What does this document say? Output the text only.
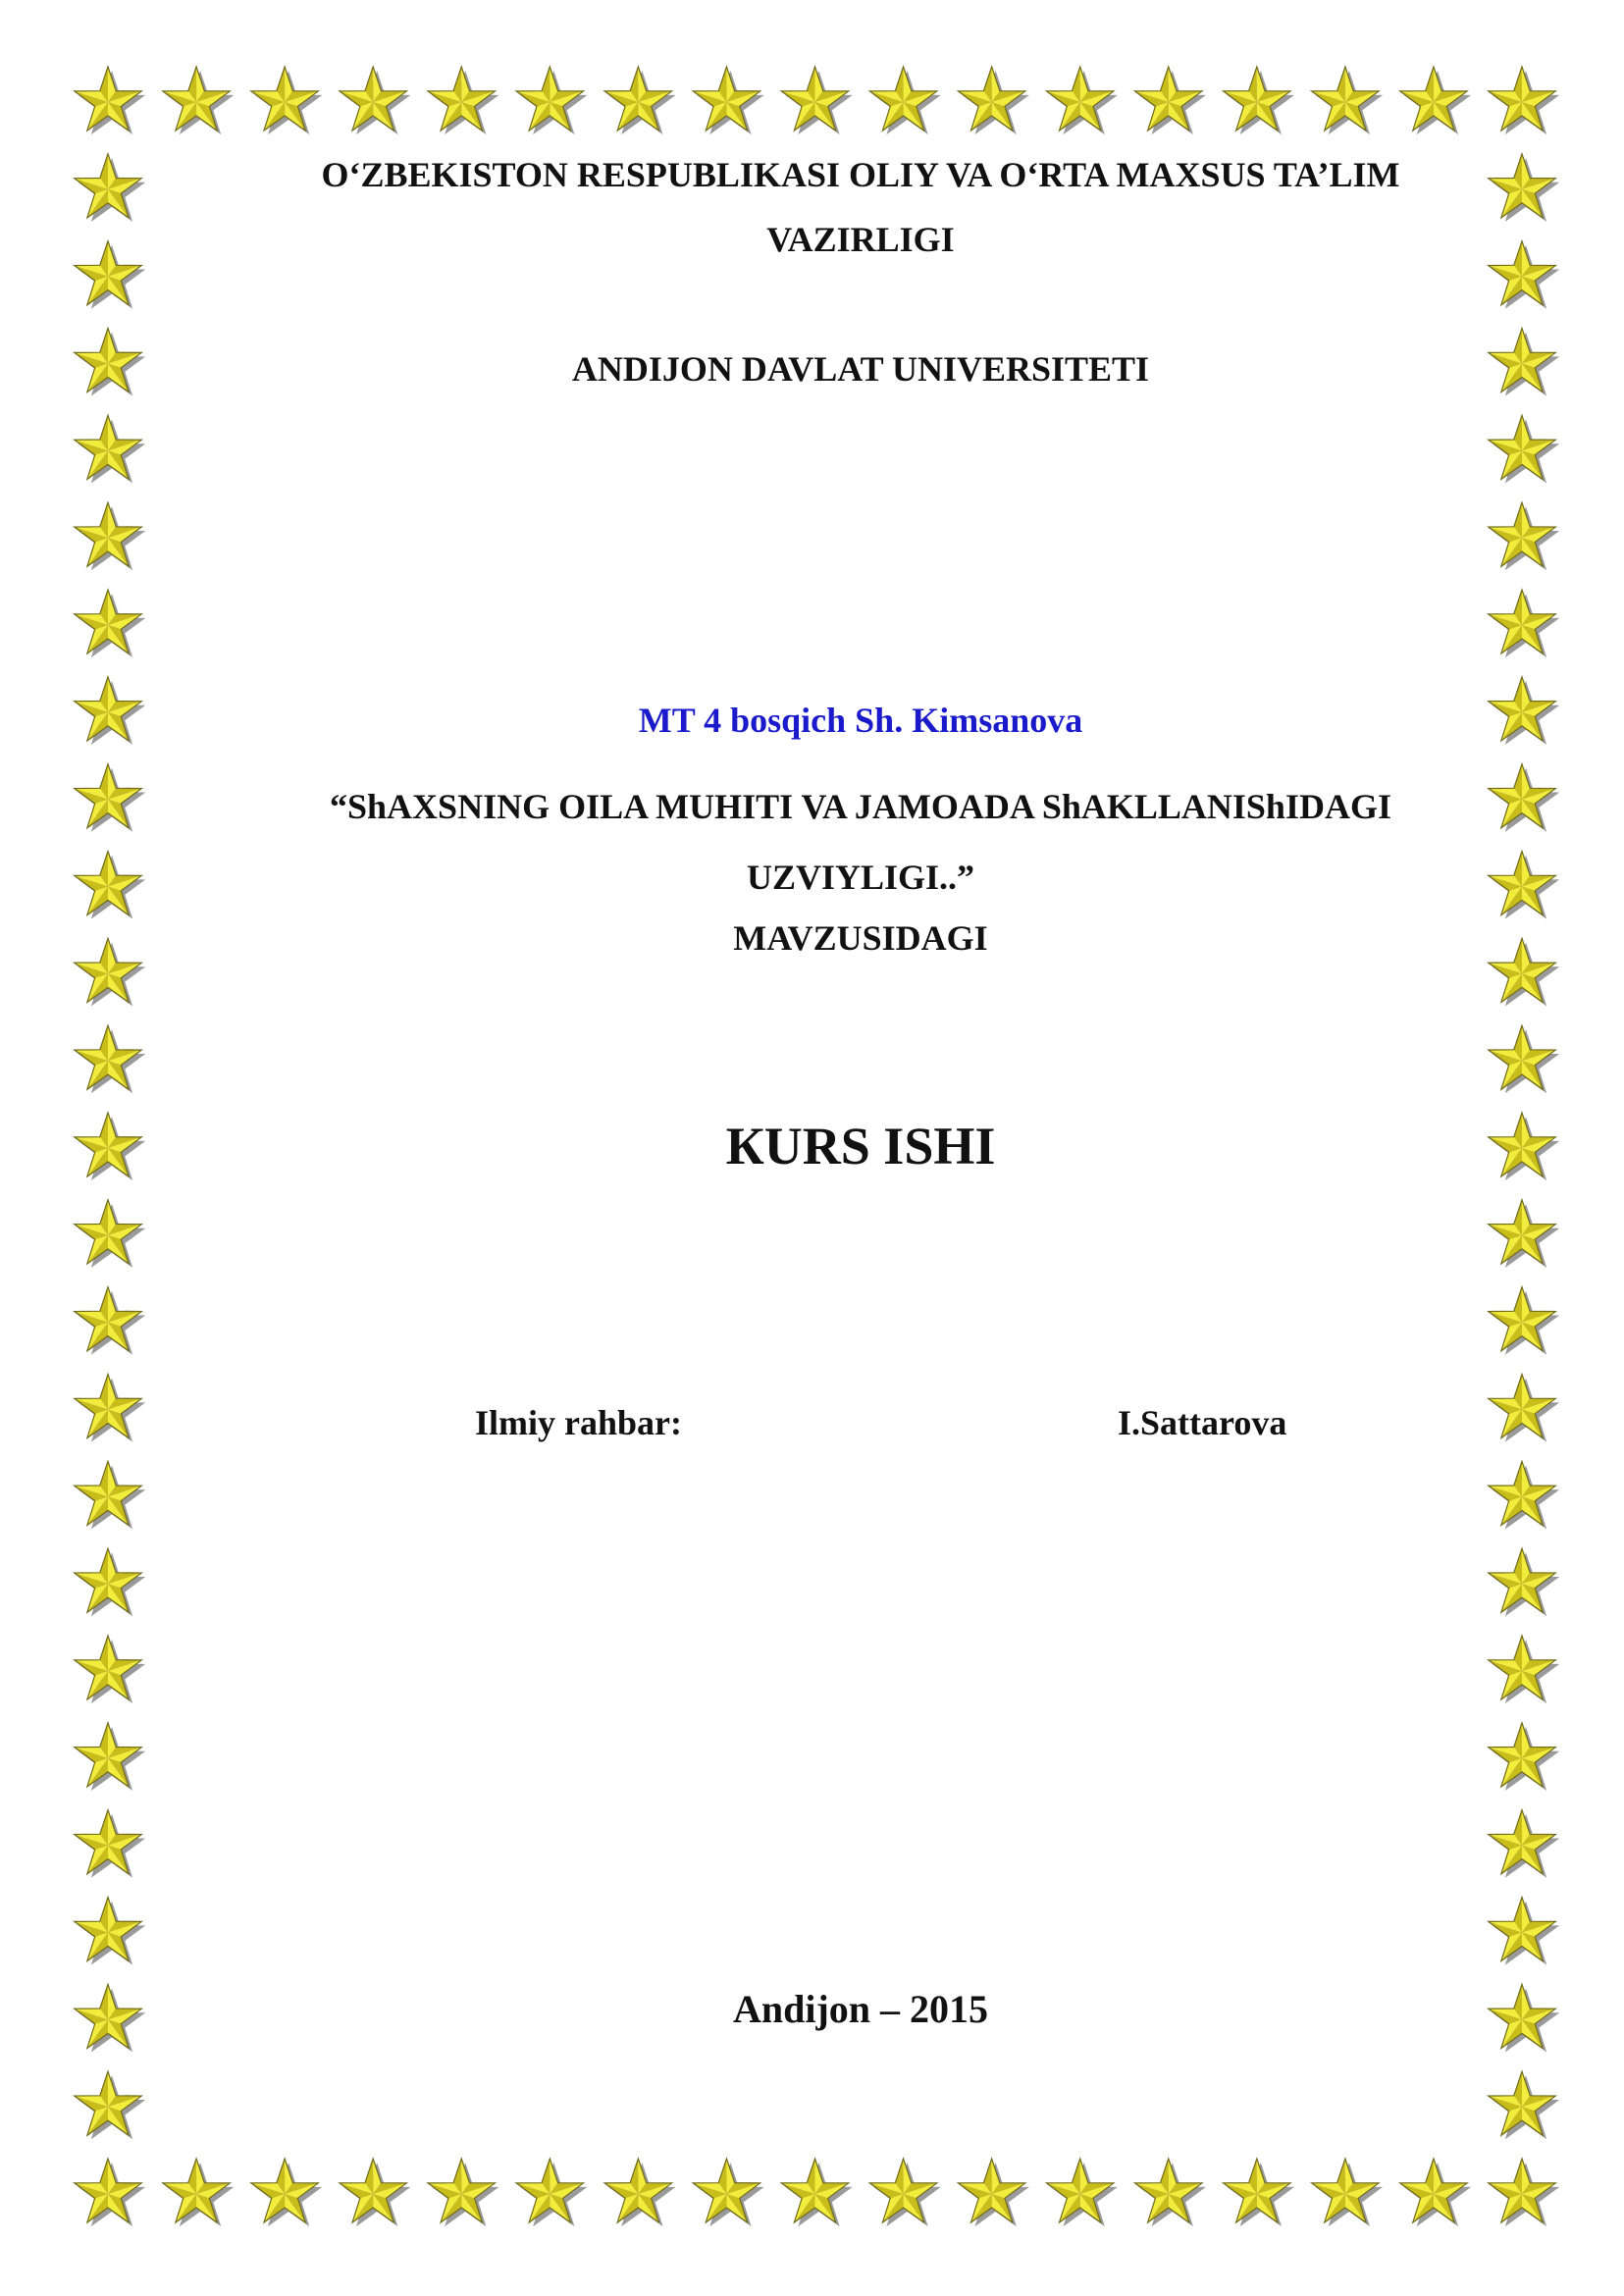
O‘ZBEKISTON RESPUBLIKASI OLIY VA O‘RTA MAXSUS TA’LIM
VAZIRLIGI
ANDIJON DAVLAT UNIVERSITETI
MT 4 bosqich Sh. Kimsanova
“ShAXSNING OILA MUHITI VA JAMOADA ShAKLLANIShIDAGI
UZVIYLIGI..”
MAVZUSIDAGI
КURS ISHI
Ilmiy rahbar:	I.Sattarova
Andijon – 2015
